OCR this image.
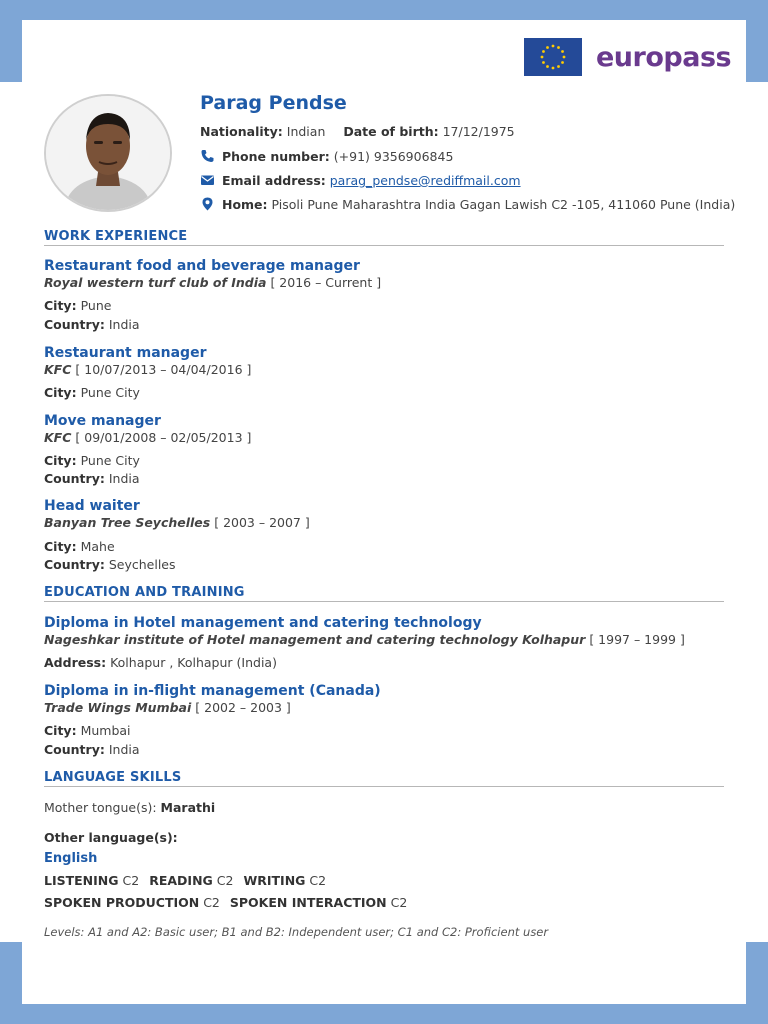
europass
Parag Pendse
Nationality: Indian Date of birth: 17/12/1975
Phone number: (+91) 9356906845
Email address: parag_pendse@rediffmail.com
Home: Pisoli Pune Maharashtra India Gagan Lawish C2 -105, 411060 Pune (India)
WORK EXPERIENCE
Restaurant food and beverage manager
Royal western turf club of India [ 2016 – Current ]
City: Pune
Country: India
Restaurant manager
KFC [ 10/07/2013 – 04/04/2016 ]
City: Pune City
Move manager
KFC [ 09/01/2008 – 02/05/2013 ]
City: Pune City
Country: India
Head waiter
Banyan Tree Seychelles [ 2003 – 2007 ]
City: Mahe
Country: Seychelles
EDUCATION AND TRAINING
Diploma in Hotel management and catering technology
Nageshkar institute of Hotel management and catering technology Kolhapur [ 1997 – 1999 ]
Address: Kolhapur , Kolhapur (India)
Diploma in in-flight management (Canada)
Trade Wings Mumbai [ 2002 – 2003 ]
City: Mumbai
Country: India
LANGUAGE SKILLS
Mother tongue(s): Marathi
Other language(s):
English
LISTENING C2 READING C2 WRITING C2
SPOKEN PRODUCTION C2 SPOKEN INTERACTION C2
Levels: A1 and A2: Basic user; B1 and B2: Independent user; C1 and C2: Proficient user
